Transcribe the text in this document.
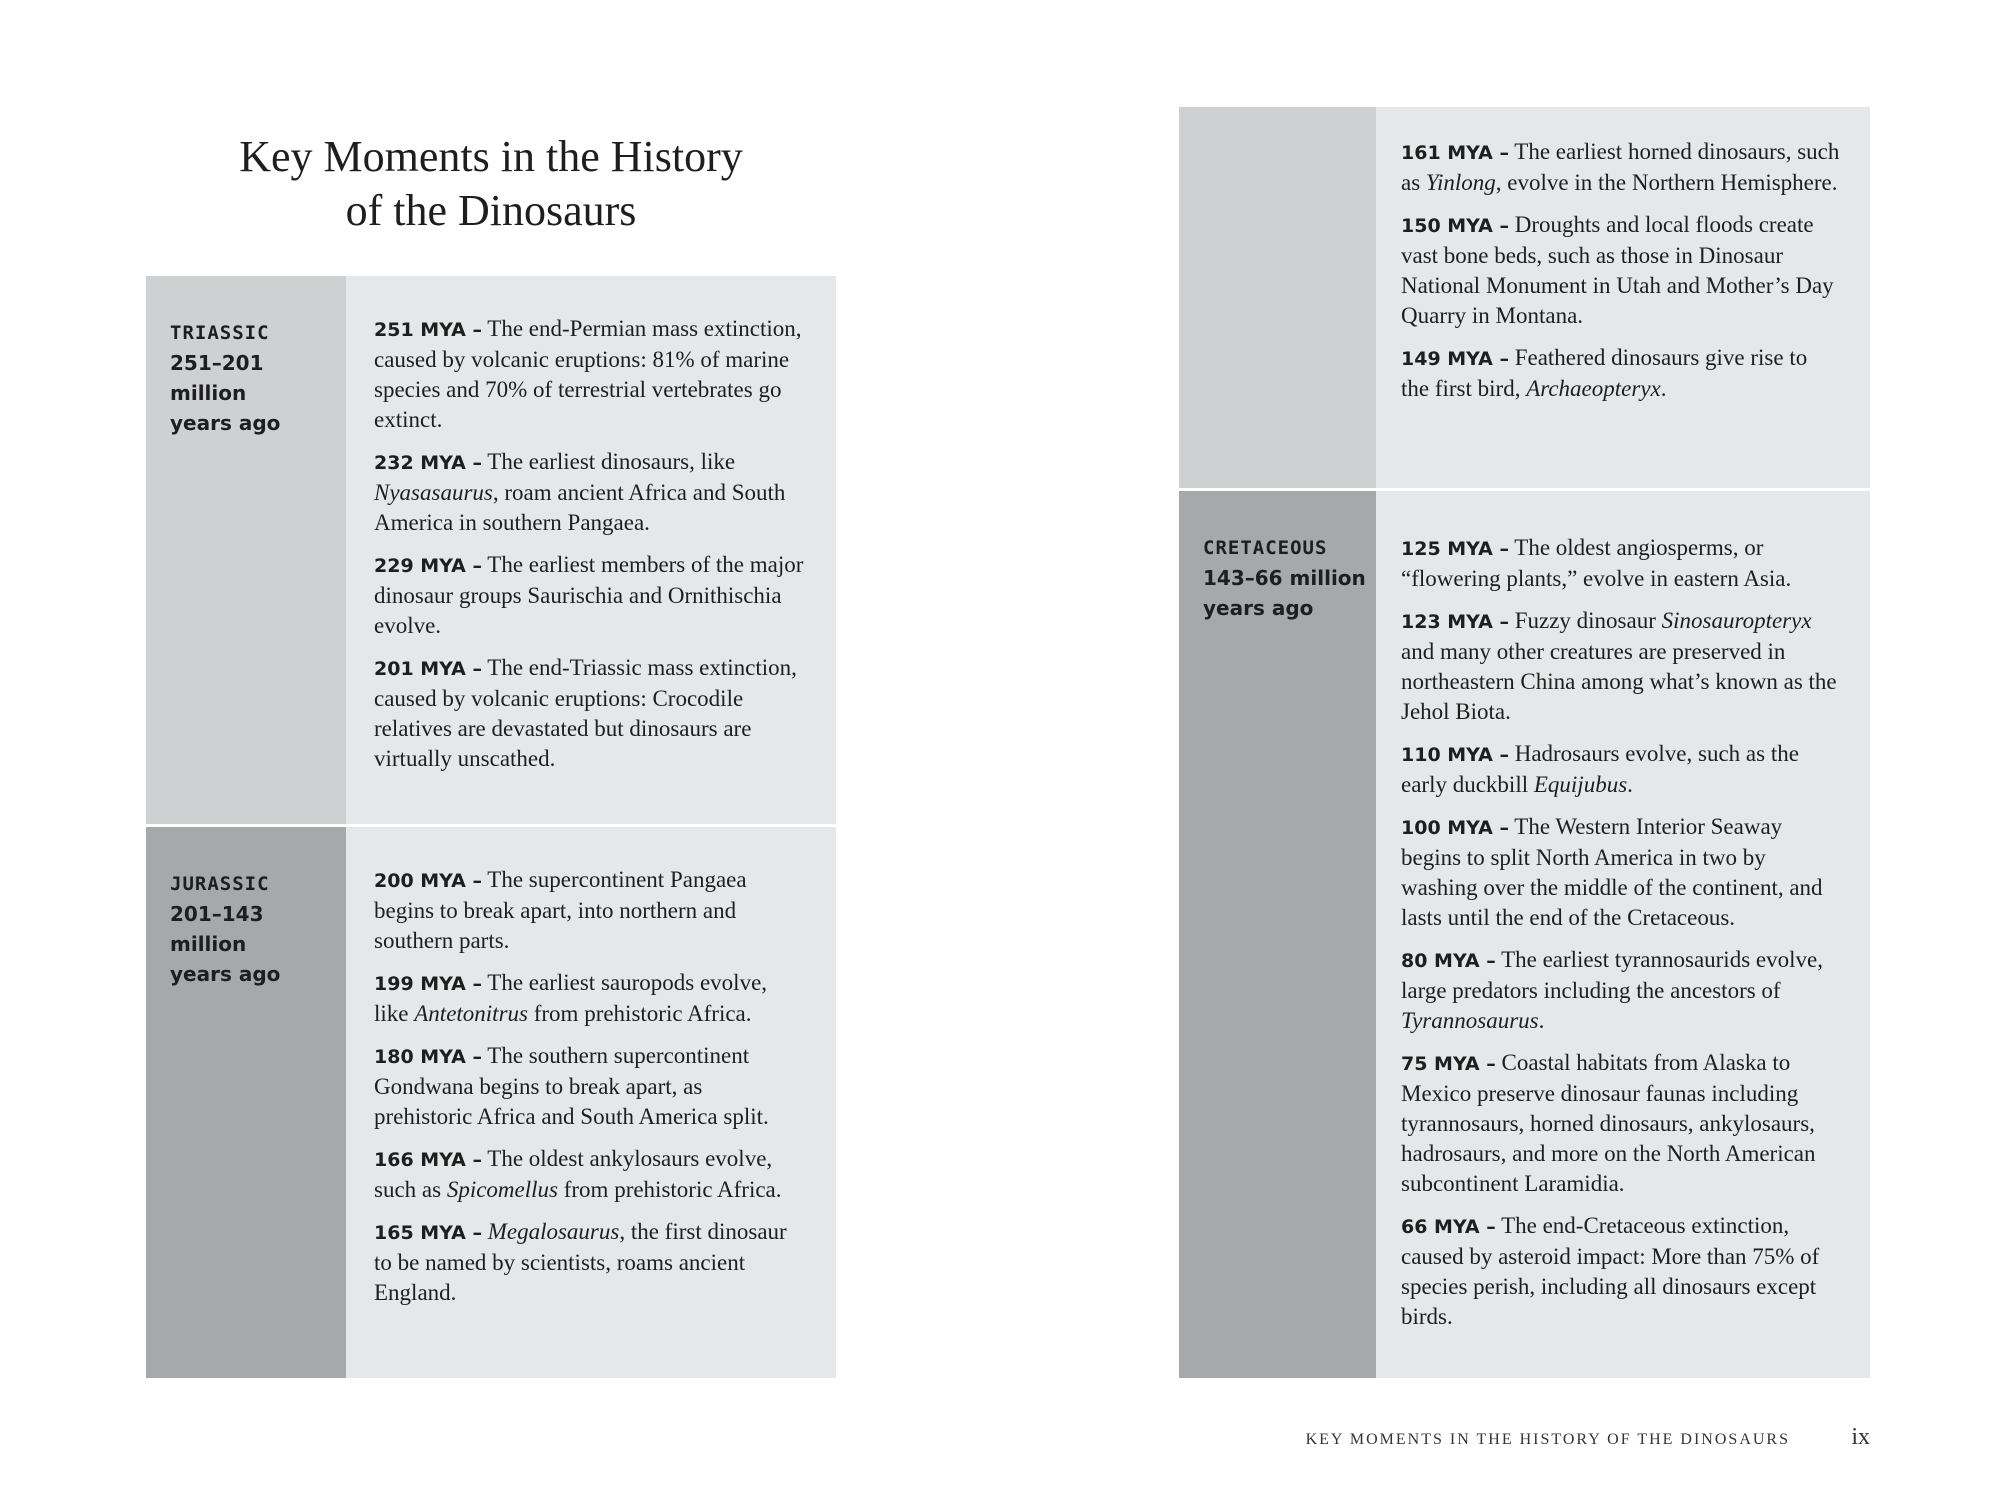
Key Moments in the History
of the Dinosaurs
TRIASSIC
251–201 million
years ago

251 MYA – The end-Permian mass extinction, caused by volcanic eruptions: 81% of marine species and 70% of terrestrial vertebrates go extinct.

232 MYA – The earliest dinosaurs, like Nyasasaurus, roam ancient Africa and South America in southern Pangaea.

229 MYA – The earliest members of the major dinosaur groups Saurischia and Ornithischia evolve.

201 MYA – The end-Triassic mass extinction, caused by volcanic eruptions: Crocodile relatives are devastated but dinosaurs are virtually unscathed.

JURASSIC
201–143 million
years ago

200 MYA – The supercontinent Pangaea begins to break apart, into northern and southern parts.

199 MYA – The earliest sauropods evolve, like Antetonitrus from prehistoric Africa.

180 MYA – The southern supercontinent Gondwana begins to break apart, as prehistoric Africa and South America split.

166 MYA – The oldest ankylosaurs evolve, such as Spicomellus from prehistoric Africa.

165 MYA – Megalosaurus, the first dinosaur to be named by scientists, roams ancient England.

161 MYA – The earliest horned dinosaurs, such as Yinlong, evolve in the Northern Hemisphere.

150 MYA – Droughts and local floods create vast bone beds, such as those in Dinosaur National Monument in Utah and Mother’s Day Quarry in Montana.

149 MYA – Feathered dinosaurs give rise to the first bird, Archaeopteryx.

CRETACEOUS
143–66 million
years ago

125 MYA – The oldest angiosperms, or “flowering plants,” evolve in eastern Asia.

123 MYA – Fuzzy dinosaur Sinosauropteryx and many other creatures are preserved in northeastern China among what’s known as the Jehol Biota.

110 MYA – Hadrosaurs evolve, such as the early duckbill Equijubus.

100 MYA – The Western Interior Seaway begins to split North America in two by washing over the middle of the continent, and lasts until the end of the Cretaceous.

80 MYA – The earliest tyrannosaurids evolve, large predators including the ancestors of Tyrannosaurus.

75 MYA – Coastal habitats from Alaska to Mexico preserve dinosaur faunas including tyrannosaurs, horned dinosaurs, ankylosaurs, hadrosaurs, and more on the North American subcontinent Laramidia.

66 MYA – The end-Cretaceous extinction, caused by asteroid impact: More than 75% of species perish, including all dinosaurs except birds.

KEY MOMENTS IN THE HISTORY OF THE DINOSAURS	ix
